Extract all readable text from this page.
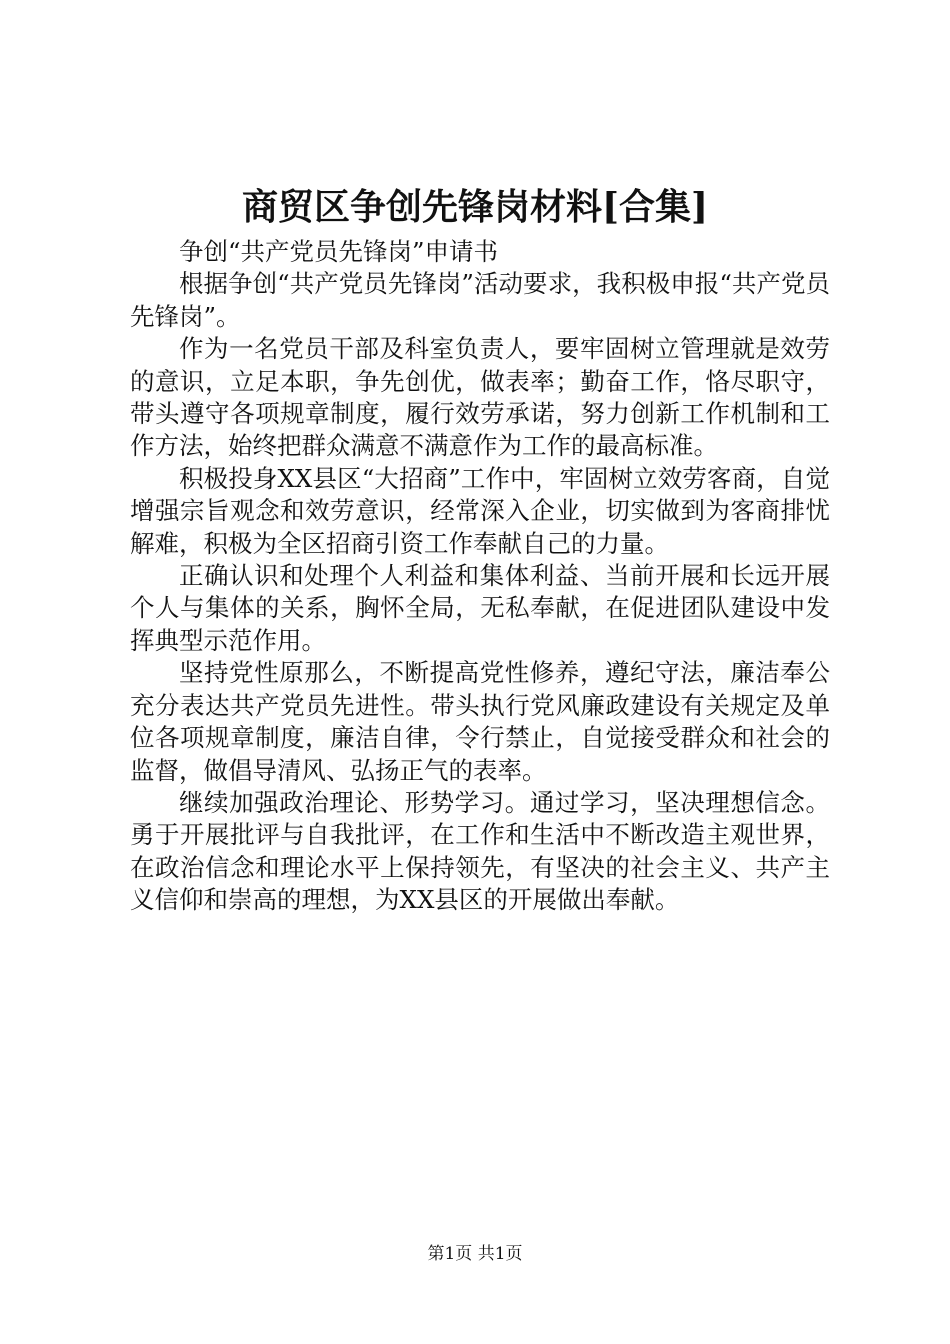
商贸区争创先锋岗材料[合集]

争创“共产党员先锋岗”申请书

根据争创“共产党员先锋岗”活动要求，我积极申报“共产党员先锋岗”。

作为一名党员干部及科室负责人，要牢固树立管理就是效劳的意识，立足本职，争先创优，做表率；勤奋工作，恪尽职守，带头遵守各项规章制度，履行效劳承诺，努力创新工作机制和工作方法，始终把群众满意不满意作为工作的最高标准。

积极投身XX县区“大招商”工作中，牢固树立效劳客商，自觉增强宗旨观念和效劳意识，经常深入企业，切实做到为客商排忧解难，积极为全区招商引资工作奉献自己的力量。

正确认识和处理个人利益和集体利益、当前开展和长远开展个人与集体的关系，胸怀全局，无私奉献，在促进团队建设中发挥典型示范作用。

坚持党性原那么，不断提高党性修养，遵纪守法，廉洁奉公充分表达共产党员先进性。带头执行党风廉政建设有关规定及单位各项规章制度，廉洁自律，令行禁止，自觉接受群众和社会的监督，做倡导清风、弘扬正气的表率。

继续加强政治理论、形势学习。通过学习，坚决理想信念。勇于开展批评与自我批评，在工作和生活中不断改造主观世界，在政治信念和理论水平上保持领先，有坚决的社会主义、共产主义信仰和崇高的理想，为XX县区的开展做出奉献。

第1页 共1页
